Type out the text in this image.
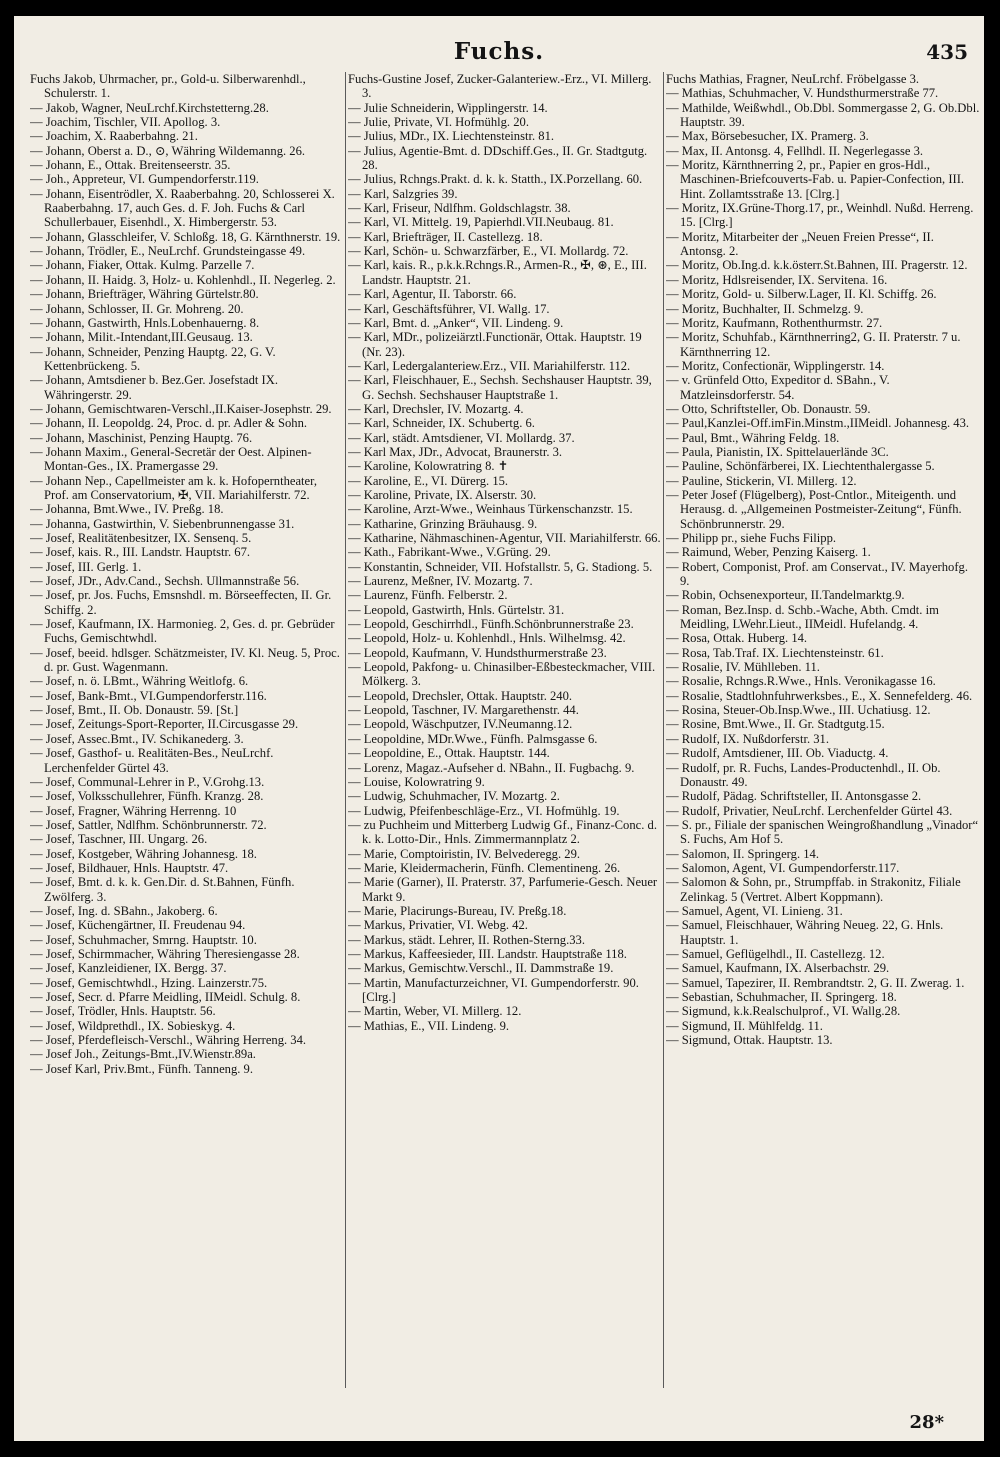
Fuchs.	435
Fuchs Jakob, Uhrmacher, pr., Gold-u. Silberwarenhdl., Schulerstr. 1.
— Jakob, Wagner, NeuLrchf.Kirchstetterng.28.
— Joachim, Tischler, VII. Apollog. 3.
— Joachim, X. Raaberbahng. 21.
— Johann, Oberst a. D., ⊙, Währing Wildemanng. 26.
— Johann, E., Ottak. Breitenseerstr. 35.
— Joh., Appreteur, VI. Gumpendorferstr.119.
— Johann, Eisentrödler, X. Raaberbahng. 20, Schlosserei X. Raaberbahng. 17, auch Ges. d. F. Joh. Fuchs & Carl Schullerbauer, Eisenhdl., X. Himbergerstr. 53.
— Johann, Glasschleifer, V. Schloßg. 18, G. Kärnthnerstr. 19.
— Johann, Trödler, E., NeuLrchf. Grundsteingasse 49.
— Johann, Fiaker, Ottak. Kulmg. Parzelle 7.
— Johann, II. Haidg. 3, Holz- u. Kohlenhdl., II. Negerleg. 2.
— Johann, Briefträger, Währing Gürtelstr.80.
— Johann, Schlosser, II. Gr. Mohreng. 20.
— Johann, Gastwirth, Hnls.Lobenhauerng. 8.
— Johann, Milit.-Intendant,III.Geusaug. 13.
— Johann, Schneider, Penzing Hauptg. 22, G. V. Kettenbrückeng. 5.
— Johann, Amtsdiener b. Bez.Ger. Josefstadt IX. Währingerstr. 29.
— Johann, Gemischtwaren-Verschl.,II.Kaiser-Josephstr. 29.
— Johann, II. Leopoldg. 24, Proc. d. pr. Adler & Sohn.
— Johann, Maschinist, Penzing Hauptg. 76.
— Johann Maxim., General-Secretär der Oest. Alpinen-Montan-Ges., IX. Pramergasse 29.
— Johann Nep., Capellmeister am k. k. Hofoperntheater, Prof. am Conservatorium, ✠, VII. Mariahilferstr. 72.
— Johanna, Bmt.Wwe., IV. Preßg. 18.
— Johanna, Gastwirthin, V. Siebenbrunnengasse 31.
— Josef, Realitätenbesitzer, IX. Sensenq. 5.
— Josef, kais. R., III. Landstr. Hauptstr. 67.
— Josef, III. Gerlg. 1.
— Josef, JDr., Adv.Cand., Sechsh. Ullmannstraße 56.
— Josef, pr. Jos. Fuchs, Emsnshdl. m. Börseeffecten, II. Gr. Schiffg. 2.
— Josef, Kaufmann, IX. Harmonieg. 2, Ges. d. pr. Gebrüder Fuchs, Gemischtwhdl.
— Josef, beeid. hdlsger. Schätzmeister, IV. Kl. Neug. 5, Proc. d. pr. Gust. Wagenmann.
— Josef, n. ö. LBmt., Währing Weitlofg. 6.
— Josef, Bank-Bmt., VI.Gumpendorferstr.116.
— Josef, Bmt., II. Ob. Donaustr. 59. [St.]
— Josef, Zeitungs-Sport-Reporter, II.Circusgasse 29.
— Josef, Assec.Bmt., IV. Schikanederg. 3.
— Josef, Gasthof- u. Realitäten-Bes., NeuLrchf. Lerchenfelder Gürtel 43.
— Josef, Communal-Lehrer in P., V.Grohg.13.
— Josef, Volksschullehrer, Fünfh. Kranzg. 28.
— Josef, Fragner, Währing Herrenng. 10
— Josef, Sattler, Ndlfhm. Schönbrunnerstr. 72.
— Josef, Taschner, III. Ungarg. 26.
— Josef, Kostgeber, Währing Johannesg. 18.
— Josef, Bildhauer, Hnls. Hauptstr. 47.
— Josef, Bmt. d. k. k. Gen.Dir. d. St.Bahnen, Fünfh. Zwölferg. 3.
— Josef, Ing. d. SBahn., Jakoberg. 6.
— Josef, Küchengärtner, II. Freudenau 94.
— Josef, Schuhmacher, Smrng. Hauptstr. 10.
— Josef, Schirmmacher, Währing Theresiengasse 28.
— Josef, Kanzleidiener, IX. Bergg. 37.
— Josef, Gemischtwhdl., Hzing. Lainzerstr.75.
— Josef, Secr. d. Pfarre Meidling, IIMeidl. Schulg. 8.
— Josef, Trödler, Hnls. Hauptstr. 56.
— Josef, Wildprethdl., IX. Sobieskyg. 4.
— Josef, Pferdefleisch-Verschl., Währing Herreng. 34.
— Josef Joh., Zeitungs-Bmt.,IV.Wienstr.89a.
— Josef Karl, Priv.Bmt., Fünfh. Tanneng. 9.
Fuchs-Gustine Josef, Zucker-Galanteriew.-Erz., VI. Millerg. 3.
— Julie Schneiderin, Wipplingerstr. 14.
— Julie, Private, VI. Hofmühlg. 20.
— Julius, MDr., IX. Liechtensteinstr. 81.
— Julius, Agentie-Bmt. d. DDschiff.Ges., II. Gr. Stadtgutg. 28.
— Julius, Rchngs.Prakt. d. k. k. Statth., IX.Porzellang. 60.
— Karl, Salzgries 39.
— Karl, Friseur, Ndlfhm. Goldschlagstr. 38.
— Karl, VI. Mittelg. 19, Papierhdl.VII.Neubaug. 81.
— Karl, Briefträger, II. Castellezg. 18.
— Karl, Schön- u. Schwarzfärber, E., VI. Mollardg. 72.
— Karl, kais. R., p.k.k.Rchngs.R., Armen-R., ✠, ⊛, E., III. Landstr. Hauptstr. 21.
— Karl, Agentur, II. Taborstr. 66.
— Karl, Geschäftsführer, VI. Wallg. 17.
— Karl, Bmt. d. „Anker“, VII. Lindeng. 9.
— Karl, MDr., polizeiärztl.Functionär, Ottak. Hauptstr. 19 (Nr. 23).
— Karl, Ledergalanteriew.Erz., VII. Mariahilferstr. 112.
— Karl, Fleischhauer, E., Sechsh. Sechshauser Hauptstr. 39, G. Sechsh. Sechshauser Hauptstraße 1.
— Karl, Drechsler, IV. Mozartg. 4.
— Karl, Schneider, IX. Schubertg. 6.
— Karl, städt. Amtsdiener, VI. Mollardg. 37.
— Karl Max, JDr., Advocat, Braunerstr. 3.
— Karoline, Kolowratring 8. ✝
— Karoline, E., VI. Dürerg. 15.
— Karoline, Private, IX. Alserstr. 30.
— Karoline, Arzt-Wwe., Weinhaus Türkenschanzstr. 15.
— Katharine, Grinzing Bräuhausg. 9.
— Katharine, Nähmaschinen-Agentur, VII. Mariahilferstr. 66.
— Kath., Fabrikant-Wwe., V.Grüng. 29.
— Konstantin, Schneider, VII. Hofstallstr. 5, G. Stadiong. 5.
— Laurenz, Meßner, IV. Mozartg. 7.
— Laurenz, Fünfh. Felberstr. 2.
— Leopold, Gastwirth, Hnls. Gürtelstr. 31.
— Leopold, Geschirrhdl., Fünfh.Schönbrunnerstraße 23.
— Leopold, Holz- u. Kohlenhdl., Hnls. Wilhelmsg. 42.
— Leopold, Kaufmann, V. Hundsthurmerstraße 23.
— Leopold, Pakfong- u. Chinasilber-Eßbesteckmacher, VIII. Mölkerg. 3.
— Leopold, Drechsler, Ottak. Hauptstr. 240.
— Leopold, Taschner, IV. Margarethenstr. 44.
— Leopold, Wäschputzer, IV.Neumanng.12.
— Leopoldine, MDr.Wwe., Fünfh. Palmsgasse 6.
— Leopoldine, E., Ottak. Hauptstr. 144.
— Lorenz, Magaz.-Aufseher d. NBahn., II. Fugbachg. 9.
— Louise, Kolowratring 9.
— Ludwig, Schuhmacher, IV. Mozartg. 2.
— Ludwig, Pfeifenbeschläge-Erz., VI. Hofmühlg. 19.
— zu Puchheim und Mitterberg Ludwig Gf., Finanz-Conc. d. k. k. Lotto-Dir., Hnls. Zimmermannplatz 2.
— Marie, Comptoiristin, IV. Belvederegg. 29.
— Marie, Kleidermacherin, Fünfh. Clementineng. 26.
— Marie (Garner), II. Praterstr. 37, Parfumerie-Gesch. Neuer Markt 9.
— Marie, Placirungs-Bureau, IV. Preßg.18.
— Markus, Privatier, VI. Webg. 42.
— Markus, städt. Lehrer, II. Rothen-Sterng.33.
— Markus, Kaffeesieder, III. Landstr. Hauptstraße 118.
— Markus, Gemischtw.Verschl., II. Dammstraße 19.
— Martin, Manufacturzeichner, VI. Gumpendorferstr. 90. [Clrg.]
— Martin, Weber, VI. Millerg. 12.
— Mathias, E., VII. Lindeng. 9.
Fuchs Mathias, Fragner, NeuLrchf. Fröbelgasse 3.
— Mathias, Schuhmacher, V. Hundsthurmerstraße 77.
— Mathilde, Weißwhdl., Ob.Dbl. Sommergasse 2, G. Ob.Dbl. Hauptstr. 39.
— Max, Börsebesucher, IX. Pramerg. 3.
— Max, II. Antonsg. 4, Fellhdl. II. Negerlegasse 3.
— Moritz, Kärnthnerring 2, pr., Papier en gros-Hdl., Maschinen-Briefcouverts-Fab. u. Papier-Confection, III. Hint. Zollamtsstraße 13. [Clrg.]
— Moritz, IX.Grüne-Thorg.17, pr., Weinhdl. Nußd. Herreng. 15. [Clrg.]
— Moritz, Mitarbeiter der „Neuen Freien Presse“, II. Antonsg. 2.
— Moritz, Ob.Ing.d. k.k.österr.St.Bahnen, III. Pragerstr. 12.
— Moritz, Hdlsreisender, IX. Servitena. 16.
— Moritz, Gold- u. Silberw.Lager, II. Kl. Schiffg. 26.
— Moritz, Buchhalter, II. Schmelzg. 9.
— Moritz, Kaufmann, Rothenthurmstr. 27.
— Moritz, Schuhfab., Kärnthnerring2, G. II. Praterstr. 7 u. Kärnthnerring 12.
— Moritz, Confectionär, Wipplingerstr. 14.
— v. Grünfeld Otto, Expeditor d. SBahn., V. Matzleinsdorferstr. 54.
— Otto, Schriftsteller, Ob. Donaustr. 59.
— Paul,Kanzlei-Off.imFin.Minstm.,IIMeidl. Johannesg. 43.
— Paul, Bmt., Währing Feldg. 18.
— Paula, Pianistin, IX. Spittelauerlände 3C.
— Pauline, Schönfärberei, IX. Liechtenthalergasse 5.
— Pauline, Stickerin, VI. Millerg. 12.
— Peter Josef (Flügelberg), Post-Cntlor., Miteigenth. und Herausg. d. „Allgemeinen Postmeister-Zeitung“, Fünfh. Schönbrunnerstr. 29.
— Philipp pr., siehe Fuchs Filipp.
— Raimund, Weber, Penzing Kaiserg. 1.
— Robert, Componist, Prof. am Conservat., IV. Mayerhofg. 9.
— Robin, Ochsenexporteur, II.Tandelmarktg.9.
— Roman, Bez.Insp. d. Schb.-Wache, Abth. Cmdt. im Meidling, LWehr.Lieut., IIMeidl. Hufelandg. 4.
— Rosa, Ottak. Huberg. 14.
— Rosa, Tab.Traf. IX. Liechtensteinstr. 61.
— Rosalie, IV. Mühlleben. 11.
— Rosalie, Rchngs.R.Wwe., Hnls. Veronikagasse 16.
— Rosalie, Stadtlohnfuhrwerksbes., E., X. Sennefelderg. 46.
— Rosina, Steuer-Ob.Insp.Wwe., III. Uchatiusg. 12.
— Rosine, Bmt.Wwe., II. Gr. Stadtgutg.15.
— Rudolf, IX. Nußdorferstr. 31.
— Rudolf, Amtsdiener, III. Ob. Viaductg. 4.
— Rudolf, pr. R. Fuchs, Landes-Productenhdl., II. Ob. Donaustr. 49.
— Rudolf, Pädag. Schriftsteller, II. Antonsgasse 2.
— Rudolf, Privatier, NeuLrchf. Lerchenfelder Gürtel 43.
— S. pr., Filiale der spanischen Weingroßhandlung „Vinador“ S. Fuchs, Am Hof 5.
— Salomon, II. Springerg. 14.
— Salomon, Agent, VI. Gumpendorferstr.117.
— Salomon & Sohn, pr., Strumpffab. in Strakonitz, Filiale Zelinkag. 5 (Vertret. Albert Koppmann).
— Samuel, Agent, VI. Linieng. 31.
— Samuel, Fleischhauer, Währing Neueg. 22, G. Hnls. Hauptstr. 1.
— Samuel, Geflügelhdl., II. Castellezg. 12.
— Samuel, Kaufmann, IX. Alserbachstr. 29.
— Samuel, Tapezirer, II. Rembrandtstr. 2, G. II. Zwerag. 1.
— Sebastian, Schuhmacher, II. Springerg. 18.
— Sigmund, k.k.Realschulprof., VI. Wallg.28.
— Sigmund, II. Mühlfeldg. 11.
— Sigmund, Ottak. Hauptstr. 13.
28*
